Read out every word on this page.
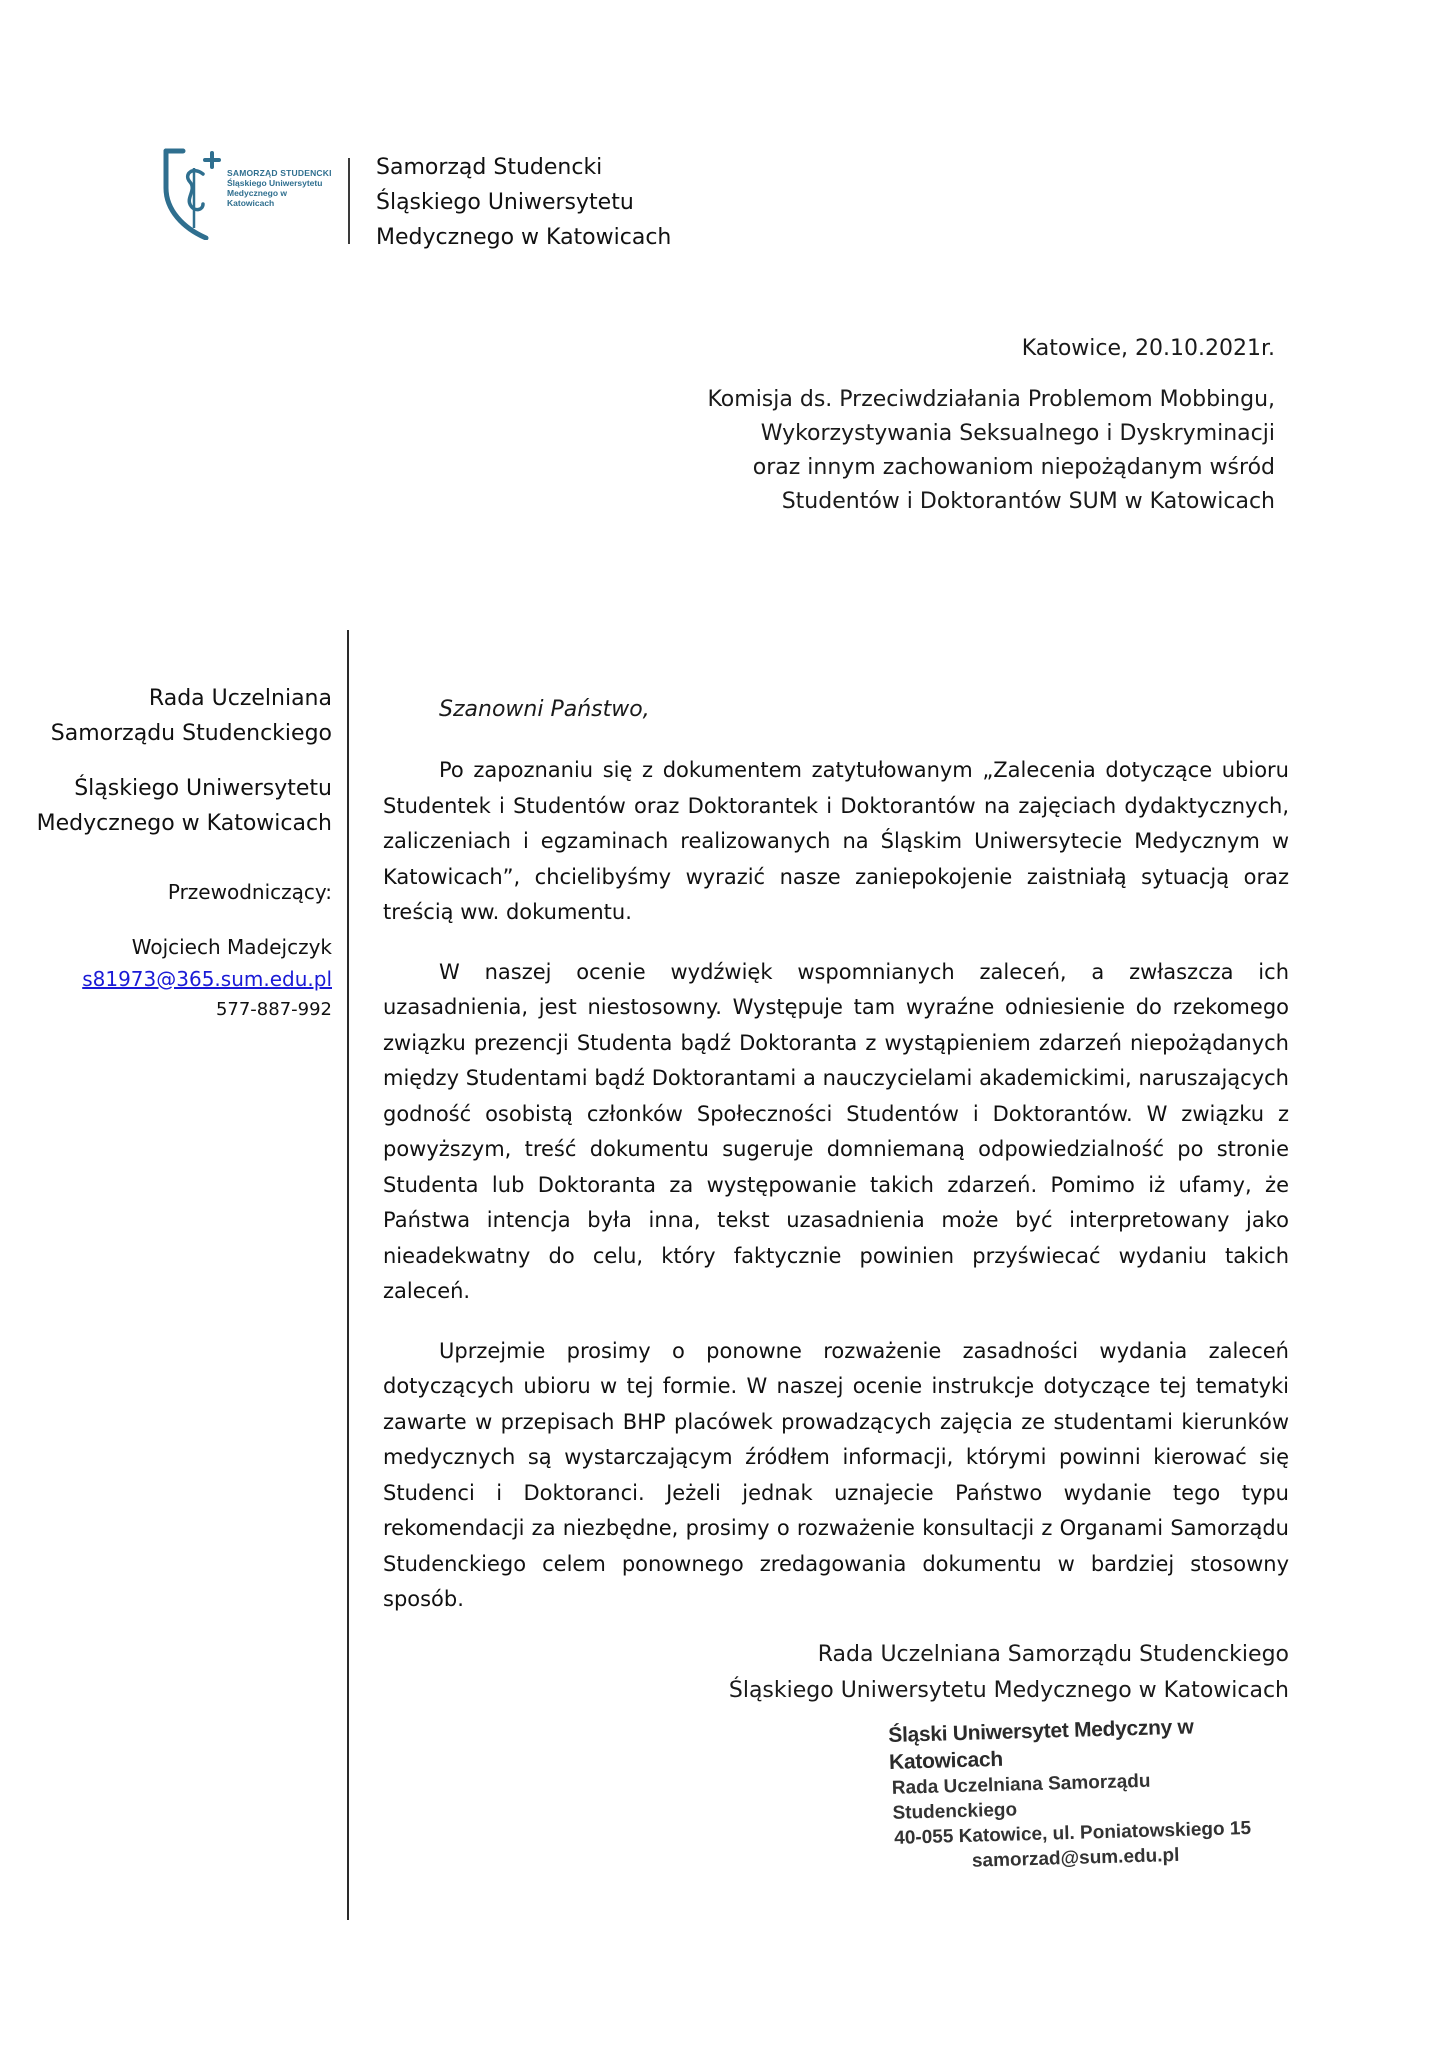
SAMORZĄD STUDENCKI
Śląskiego Uniwersytetu
Medycznego w Katowicach
Samorząd Studencki
Śląskiego Uniwersytetu
Medycznego w Katowicach
Katowice, 20.10.2021r.
Komisja ds. Przeciwdziałania Problemom Mobbingu,
Wykorzystywania Seksualnego i Dyskryminacji
oraz innym zachowaniom niepożądanym wśród
Studentów i Doktorantów SUM w Katowicach
Rada Uczelniana
Samorządu Studenckiego
Śląskiego Uniwersytetu
Medycznego w Katowicach
Przewodniczący:
Wojciech Madejczyk
s81973@365.sum.edu.pl
577-887-992
Szanowni Państwo,

Po zapoznaniu się z dokumentem zatytułowanym „Zalecenia dotyczące ubioru Studentek i Studentów oraz Doktorantek i Doktorantów na zajęciach dydaktycznych, zaliczeniach i egzaminach realizowanych na Śląskim Uniwersytecie Medycznym w Katowicach”, chcielibyśmy wyrazić nasze zaniepokojenie zaistniałą sytuacją oraz treścią ww. dokumentu.

W naszej ocenie wydźwięk wspomnianych zaleceń, a zwłaszcza ich uzasadnienia, jest niestosowny. Występuje tam wyraźne odniesienie do rzekomego związku prezencji Studenta bądź Doktoranta z wystąpieniem zdarzeń niepożądanych między Studentami bądź Doktorantami a nauczycielami akademickimi, naruszających godność osobistą członków Społeczności Studentów i Doktorantów. W związku z powyższym, treść dokumentu sugeruje domniemaną odpowiedzialność po stronie Studenta lub Doktoranta za występowanie takich zdarzeń. Pomimo iż ufamy, że Państwa intencja była inna, tekst uzasadnienia może być interpretowany jako nieadekwatny do celu, który faktycznie powinien przyświecać wydaniu takich zaleceń.

Uprzejmie prosimy o ponowne rozważenie zasadności wydania zaleceń dotyczących ubioru w tej formie. W naszej ocenie instrukcje dotyczące tej tematyki zawarte w przepisach BHP placówek prowadzących zajęcia ze studentami kierunków medycznych są wystarczającym źródłem informacji, którymi powinni kierować się Studenci i Doktoranci. Jeżeli jednak uznajecie Państwo wydanie tego typu rekomendacji za niezbędne, prosimy o rozważenie konsultacji z Organami Samorządu Studenckiego celem ponownego zredagowania dokumentu w bardziej stosowny sposób.

Rada Uczelniana Samorządu Studenckiego
Śląskiego Uniwersytetu Medycznego w Katowicach
Śląski Uniwersytet Medyczny w Katowicach
Rada Uczelniana Samorządu Studenckiego
40-055 Katowice, ul. Poniatowskiego 15
samorzad@sum.edu.pl
